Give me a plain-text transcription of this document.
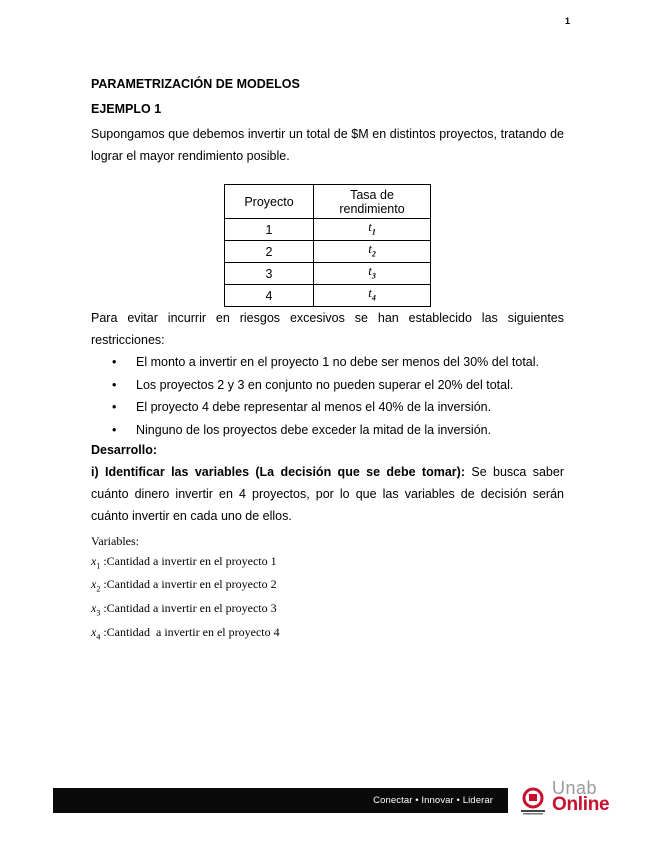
1
PARAMETRIZACIÓN DE MODELOS
EJEMPLO 1

Supongamos que debemos invertir un total de $M en distintos proyectos, tratando de lograr el mayor rendimiento posible.

Proyecto	Tasa de rendimiento
1	$t_1$
2	$t_2$
3	$t_3$
4	$t_4$

Para evitar incurrir en riesgos excesivos se han establecido las siguientes restricciones:

• El monto a invertir en el proyecto 1 no debe ser menos del 30% del total.
• Los proyectos 2 y 3 en conjunto no pueden superar el 20% del total.
• El proyecto 4 debe representar al menos el 40% de la inversión.
• Ninguno de los proyectos debe exceder la mitad de la inversión.
Desarrollo:

i) Identificar las variables (La decisión que se debe tomar): Se busca saber cuánto dinero invertir en 4 proyectos, por lo que las variables de decisión serán cuánto invertir en cada uno de ellos.

Variables:
$x_1$ :Cantidad a invertir en el proyecto 1
$x_2$ :Cantidad a invertir en el proyecto 2
$x_3$ :Cantidad a invertir en el proyecto 3
$x_4$ :Cantidad  a invertir en el proyecto 4
Conectar • Innovar • Liderar
Unab
Online
